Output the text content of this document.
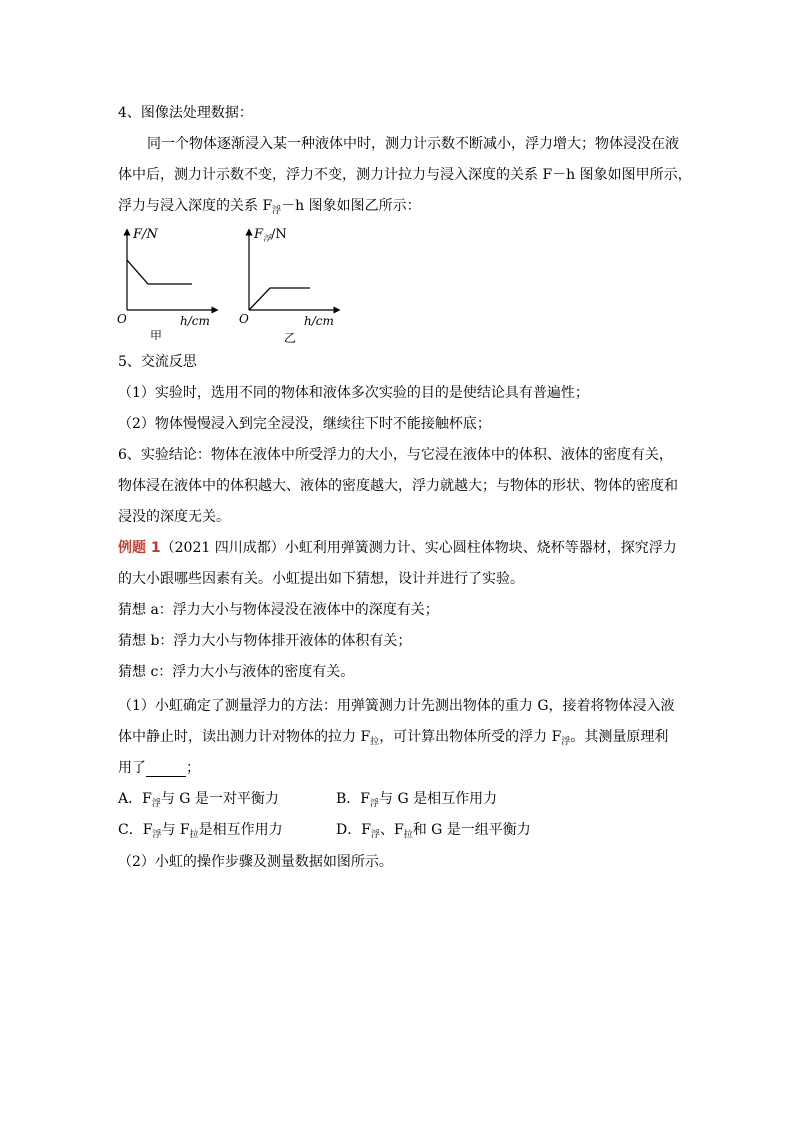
4、图像法处理数据：
同一个物体逐渐浸入某一种液体中时，测力计示数不断减小，浮力增大；物体浸没在液
体中后，测力计示数不变，浮力不变，测力计拉力与浸入深度的关系 F－h 图象如图甲所示，
浮力与浸入深度的关系 $F_浮-h$ 图象如图乙所示：
F/N
h/cm
O
甲
$F_浮/N$
h/cm
O
乙
5、交流反思
（1）实验时，选用不同的物体和液体多次实验的目的是使结论具有普遍性；
（2）物体慢慢浸入到完全浸没，继续往下时不能接触杯底；
6、实验结论：物体在液体中所受浮力的大小，与它浸在液体中的体积、液体的密度有关，
物体浸在液体中的体积越大、液体的密度越大，浮力就越大；与物体的形状、物体的密度和
浸没的深度无关。
例题 1（2021 四川成都）小虹利用弹簧测力计、实心圆柱体物块、烧杯等器材，探究浮力
的大小跟哪些因素有关。小虹提出如下猜想，设计并进行了实验。
猜想 a：浮力大小与物体浸没在液体中的深度有关；
猜想 b：浮力大小与物体排开液体的体积有关；
猜想 c：浮力大小与液体的密度有关。
（1）小虹确定了测量浮力的方法：用弹簧测力计先测出物体的重力 G，接着将物体浸入液
体中静止时，读出测力计对物体的拉力 $F_拉$，可计算出物体所受的浮力 $F_浮$。其测量原理利
用了	；
A．$F_浮$与 G 是一对平衡力	B．$F_浮$与 G 是相互作用力
C．$F_浮$与 $F_拉$是相互作用力	D．$F_浮$、$F_拉$和 G 是一组平衡力
（2）小虹的操作步骤及测量数据如图所示。
